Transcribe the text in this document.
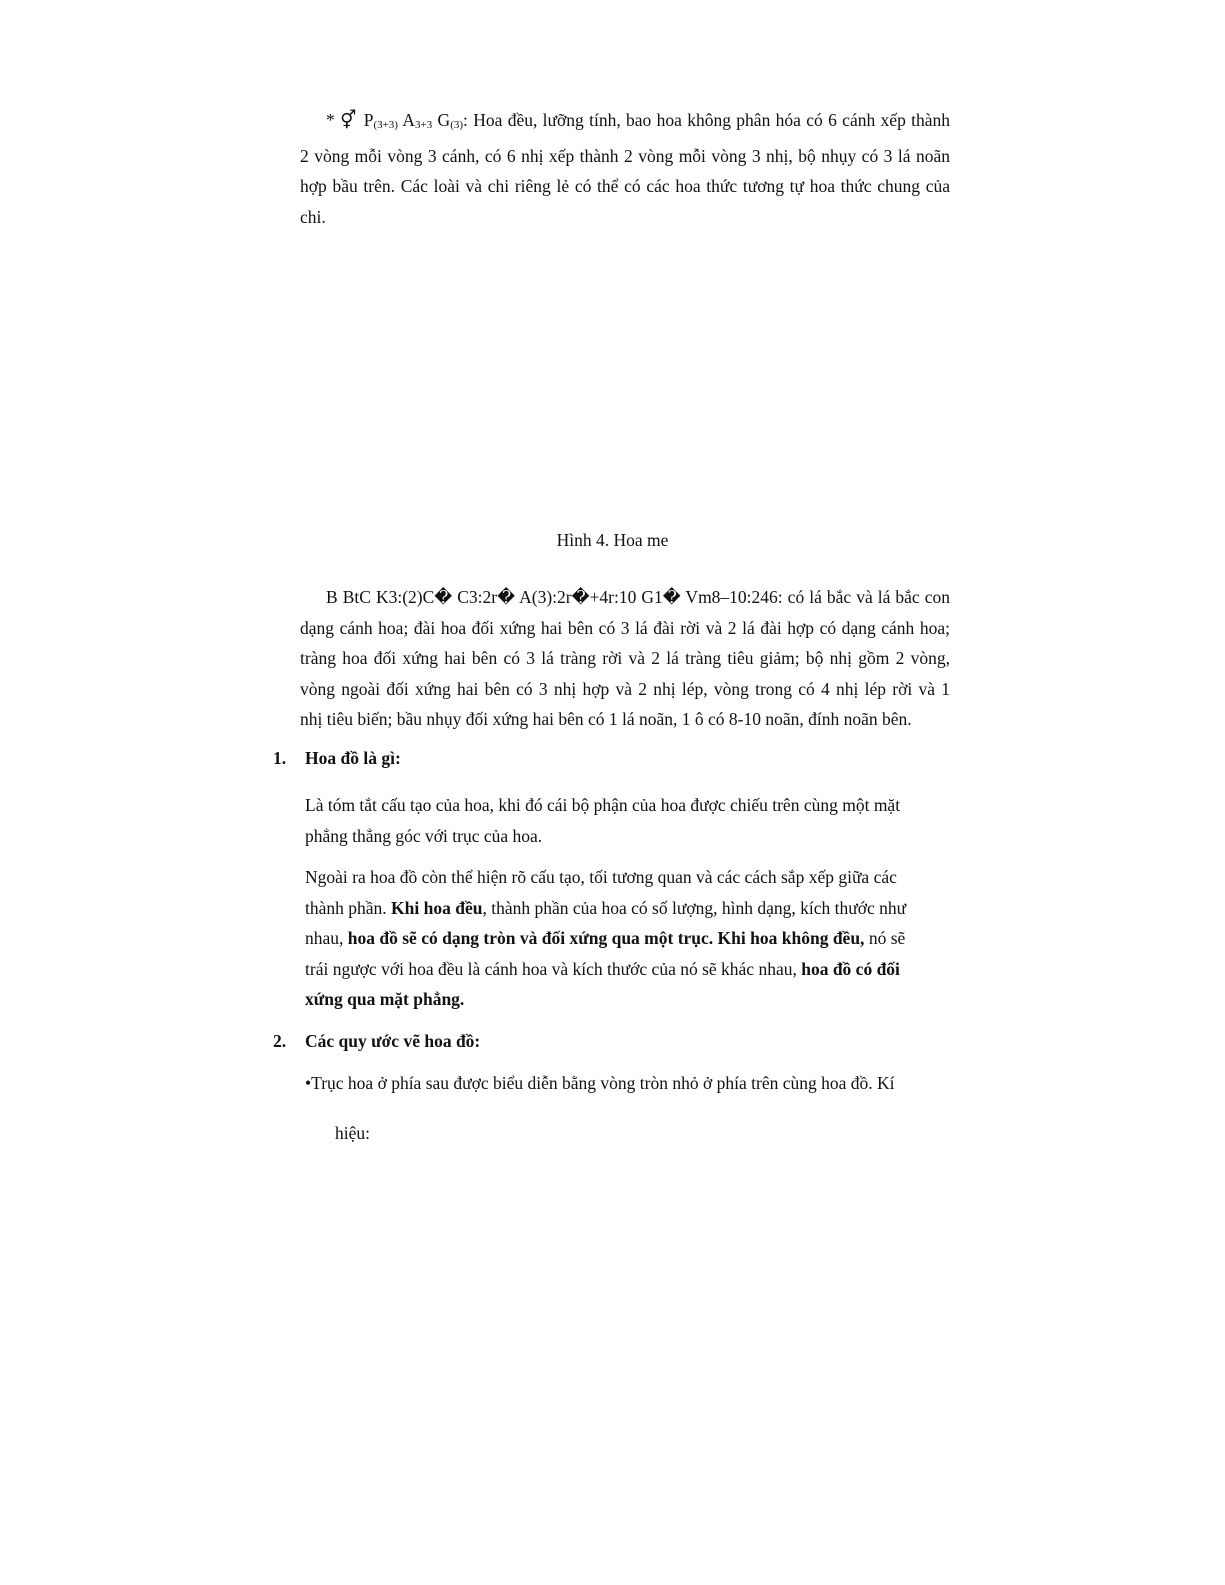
* ⚥ P(3+3) A3+3 G(3): Hoa đều, lưỡng tính, bao hoa không phân hóa có 6 cánh xếp thành
2 vòng mỗi vòng 3 cánh, có 6 nhị xếp thành 2 vòng mỗi vòng 3 nhị, bộ nhụy có 3 lá noãn
hợp bầu trên. Các loài và chi riêng lẻ có thể có các hoa thức tương tự hoa thức chung của
chi.
Hình 4. Hoa me
B BtC K3:(2)C� C3:2r� A(3):2r�+4r:10 G1� Vm8–10:246: có lá bắc và lá bắc con
dạng cánh hoa; đài hoa đối xứng hai bên có 3 lá đài rời và 2 lá đài hợp có dạng cánh hoa;
tràng hoa đối xứng hai bên có 3 lá tràng rời và 2 lá tràng tiêu giảm; bộ nhị gồm 2 vòng,
vòng ngoài đối xứng hai bên có 3 nhị hợp và 2 nhị lép, vòng trong có 4 nhị lép rời và 1
nhị tiêu biến; bầu nhụy đối xứng hai bên có 1 lá noãn, 1 ô có 8-10 noãn, đính noãn bên.
1. Hoa đồ là gì:
Là tóm tắt cấu tạo của hoa, khi đó cái bộ phận của hoa được chiếu trên cùng một mặt
phẳng thẳng góc với trục của hoa.
Ngoài ra hoa đồ còn thể hiện rõ cấu tạo, tối tương quan và các cách sắp xếp giữa các
thành phần. Khi hoa đều, thành phần của hoa có số lượng, hình dạng, kích thước như
nhau, hoa đồ sẽ có dạng tròn và đối xứng qua một trục. Khi hoa không đều, nó sẽ
trái ngược với hoa đều là cánh hoa và kích thước của nó sẽ khác nhau, hoa đồ có đối
xứng qua mặt phẳng.
2. Các quy ước vẽ hoa đồ:
•Trục hoa ở phía sau được biểu diễn bằng vòng tròn nhỏ ở phía trên cùng hoa đồ. Kí
hiệu:
